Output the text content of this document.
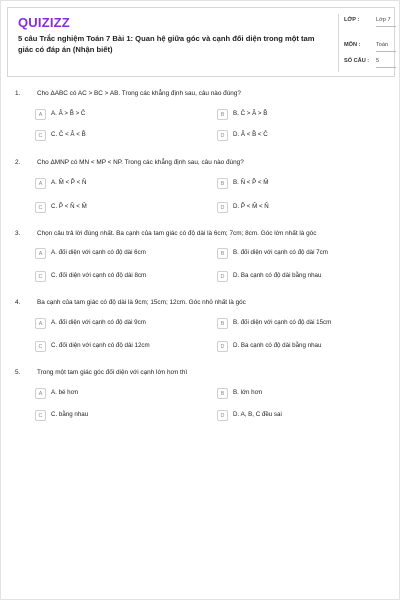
QUIZIZZ
5 câu Trắc nghiệm Toán 7 Bài 1: Quan hệ giữa góc và cạnh đối diện trong một tam giác có đáp án (Nhận biết)
LỚP :	Lớp 7
MÔN :	Toán
SỐ CÂU : 5
1.	Cho ΔABC có AC > BC > AB. Trong các khẳng định sau, câu nào đúng?
A	A. Â > B̂ > Ĉ	B	B. Ĉ > Â > B̂
C	C. Ĉ < Â < B̂	D	D. Â < B̂ < Ĉ
2.	Cho ΔMNP có MN < MP < NP. Trong các khẳng định sau, câu nào đúng?
A	A. M̂ < P̂ < N̂	B	B. N̂ < P̂ < M̂
C	C. P̂ < N̂ < M̂	D	D. P̂ < M̂ < N̂
3.	Chọn câu trả lời đúng nhất. Ba cạnh của tam giác có độ dài là 6cm; 7cm; 8cm. Góc lớn nhất là góc
A	A. đối diện với cạnh có độ dài 6cm	B	B. đối diện với cạnh có độ dài 7cm
C	C. đối diện với cạnh có độ dài 8cm	D	D. Ba cạnh có độ dài bằng nhau
4.	Ba cạnh của tam giác có độ dài là 9cm; 15cm; 12cm. Góc nhỏ nhất là góc
A	A. đối diện với cạnh có độ dài 9cm	B	B. đối diện với cạnh có độ dài 15cm
C	C. đối diện với cạnh có độ dài 12cm	D	D. Ba cạnh có độ dài bằng nhau
5.	Trong một tam giác góc đối diện với cạnh lớn hơn thì
A	A. bé hơn	B	B. lớn hơn
C	C. bằng nhau	D	D. A, B, C đều sai
